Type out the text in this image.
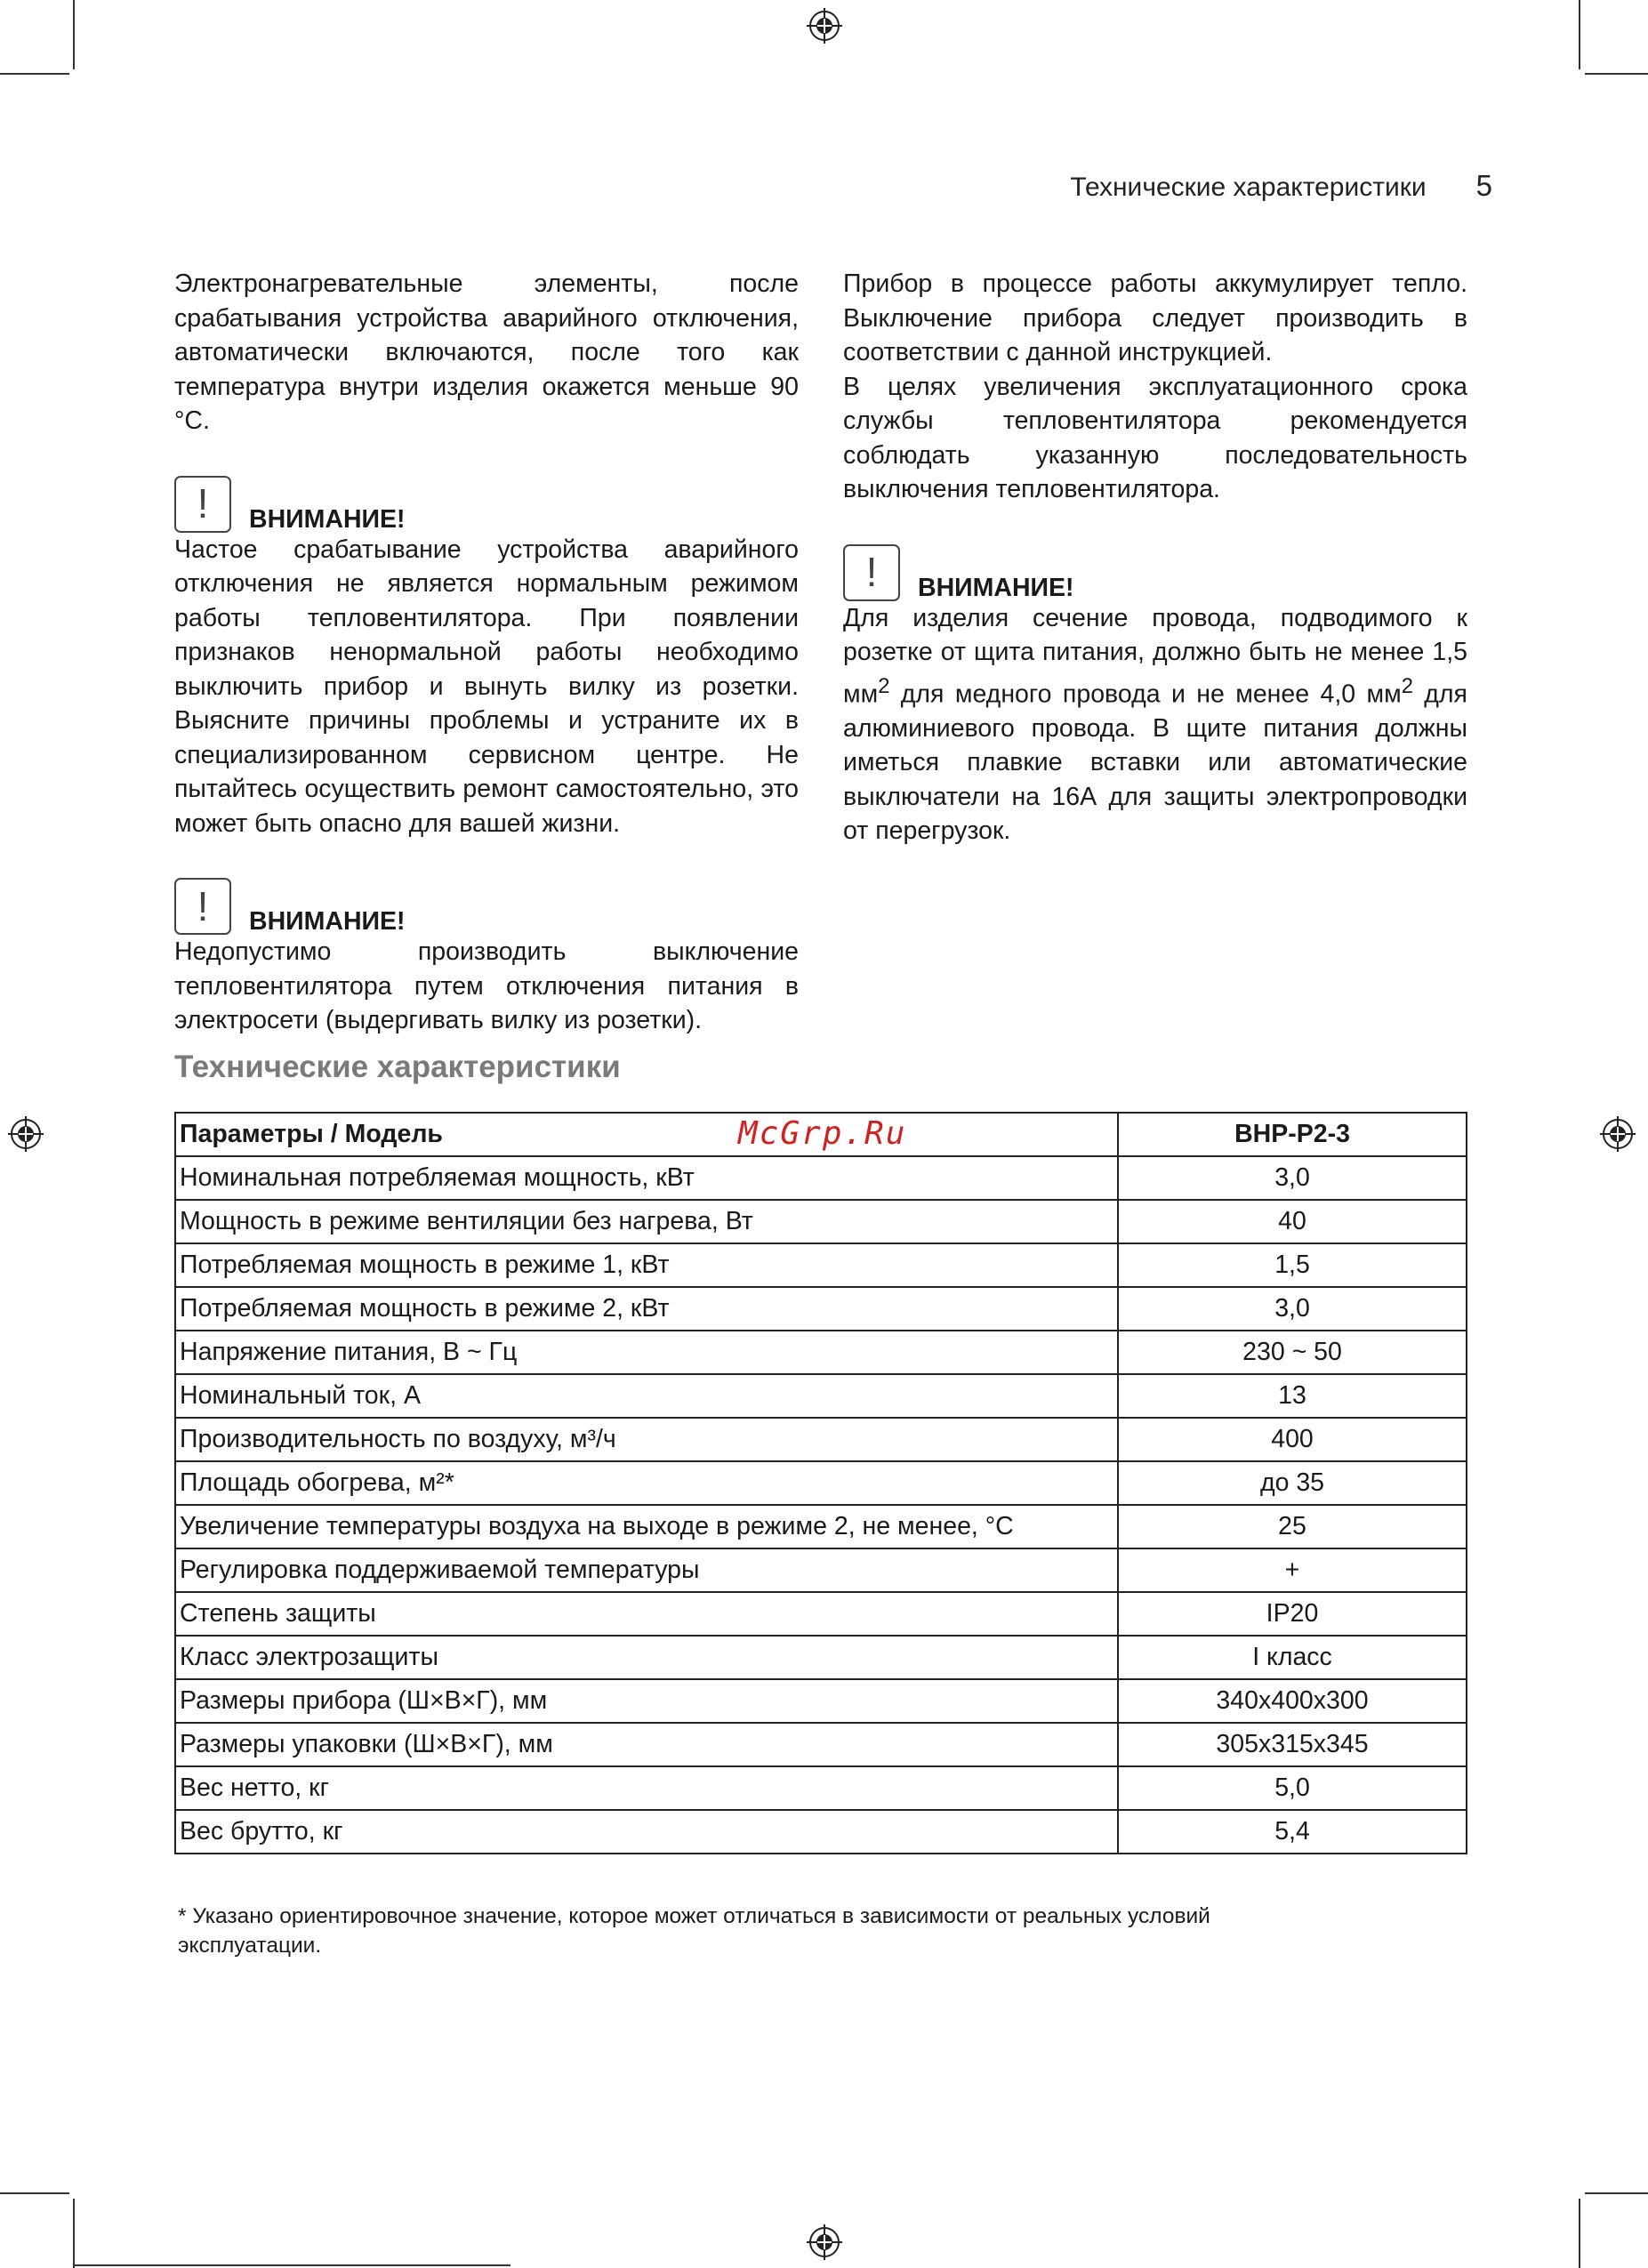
Технические характеристики 5

Электронагревательные элементы, после срабатывания устройства аварийного отключения, автоматически включаются, после того как температура внутри изделия окажется меньше 90 °C.

!	ВНИМАНИЕ!

Частое срабатывание устройства аварийного отключения не является нормальным режимом работы тепловентилятора. При появлении признаков ненормальной работы необходимо выключить прибор и вынуть вилку из розетки. Выясните причины проблемы и устраните их в специализированном сервисном центре. Не пытайтесь осуществить ремонт самостоятельно, это может быть опасно для вашей жизни.

!	ВНИМАНИЕ!

Недопустимо производить выключение тепловентилятора путем отключения питания в электросети (выдергивать вилку из розетки).

Прибор в процессе работы аккумулирует тепло. Выключение прибора следует производить в соответствии с данной инструкцией.

В целях увеличения эксплуатационного срока службы тепловентилятора рекомендуется соблюдать указанную последовательность выключения тепловентилятора.

!	ВНИМАНИЕ!

Для изделия сечение провода, подводимого к розетке от щита питания, должно быть не менее 1,5 $мм^2$ для медного провода и не менее 4,0 $мм^2$ для алюминиевого провода. В щите питания должны иметься плавкие вставки или автоматические выключатели на 16А для защиты электропроводки от перегрузок.

Технические характеристики
Параметры / Модель	BHP-P2-3
Номинальная потребляемая мощность, кВт	3,0
Мощность в режиме вентиляции без нагрева, Вт	40
Потребляемая мощность в режиме 1, кВт	1,5
Потребляемая мощность в режиме 2, кВт	3,0
Напряжение питания, В ~ Гц	230 ~ 50
Номинальный ток, А	13
Производительность по воздуху, м³/ч	400
Площадь обогрева, м²*	до 35
Увеличение температуры воздуха на выходе в режиме 2, не менее, °C	25
Регулировка поддерживаемой температуры	+
Степень защиты	IP20
Класс электрозащиты	I класс
Размеры прибора (Ш×В×Г), мм	340x400x300
Размеры упаковки (Ш×В×Г), мм	305x315x345
Вес нетто, кг	5,0
Вес брутто, кг	5,4
McGrp.Ru
* Указано ориентировочное значение, которое может отличаться в зависимости от реальных условий эксплуатации.
